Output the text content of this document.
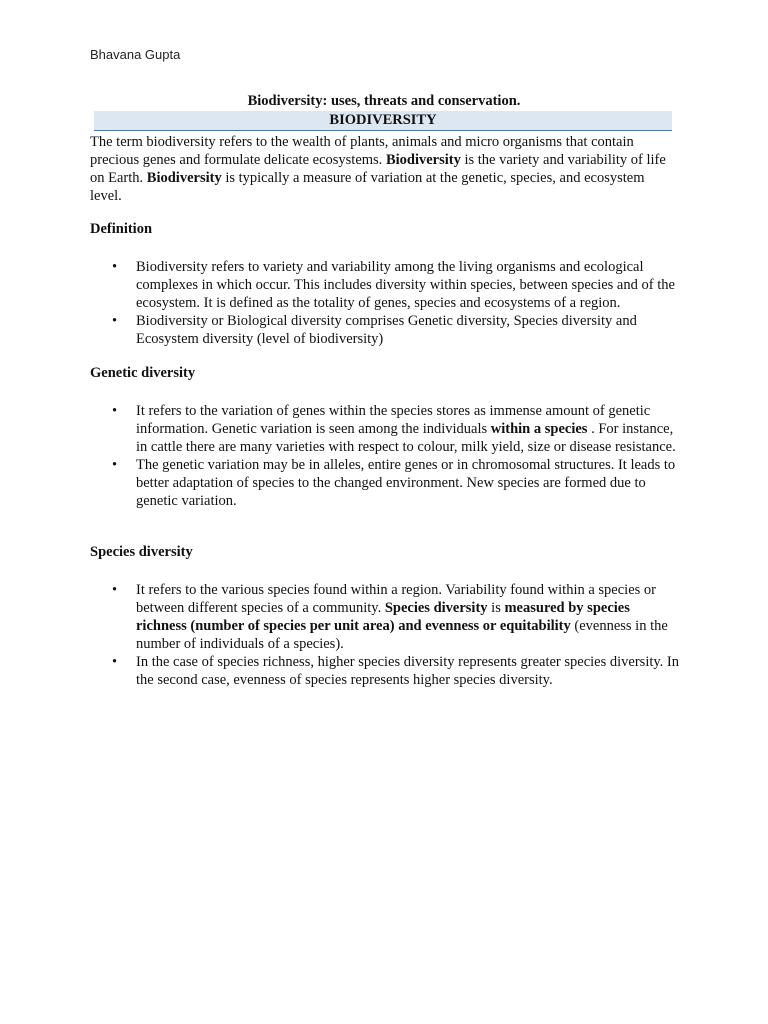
Bhavana Gupta
Biodiversity: uses, threats and conservation.
BIODIVERSITY
The term biodiversity refers to the wealth of plants, animals and micro organisms that contain precious genes and formulate delicate ecosystems. Biodiversity is the variety and variability of life on Earth. Biodiversity is typically a measure of variation at the genetic, species, and ecosystem level.
Definition
• Biodiversity refers to variety and variability among the living organisms and ecological complexes in which occur. This includes diversity within species, between species and of the ecosystem. It is defined as the totality of genes, species and ecosystems of a region.
• Biodiversity or Biological diversity comprises Genetic diversity, Species diversity and Ecosystem diversity (level of biodiversity)
Genetic diversity
• It refers to the variation of genes within the species stores as immense amount of genetic information. Genetic variation is seen among the individuals within a species . For instance, in cattle there are many varieties with respect to colour, milk yield, size or disease resistance.
• The genetic variation may be in alleles, entire genes or in chromosomal structures. It leads to better adaptation of species to the changed environment. New species are formed due to genetic variation.
Species diversity
• It refers to the various species found within a region. Variability found within a species or between different species of a community. Species diversity is measured by species richness (number of species per unit area) and evenness or equitability (evenness in the number of individuals of a species).
• In the case of species richness, higher species diversity represents greater species diversity. In the second case, evenness of species represents higher species diversity.
